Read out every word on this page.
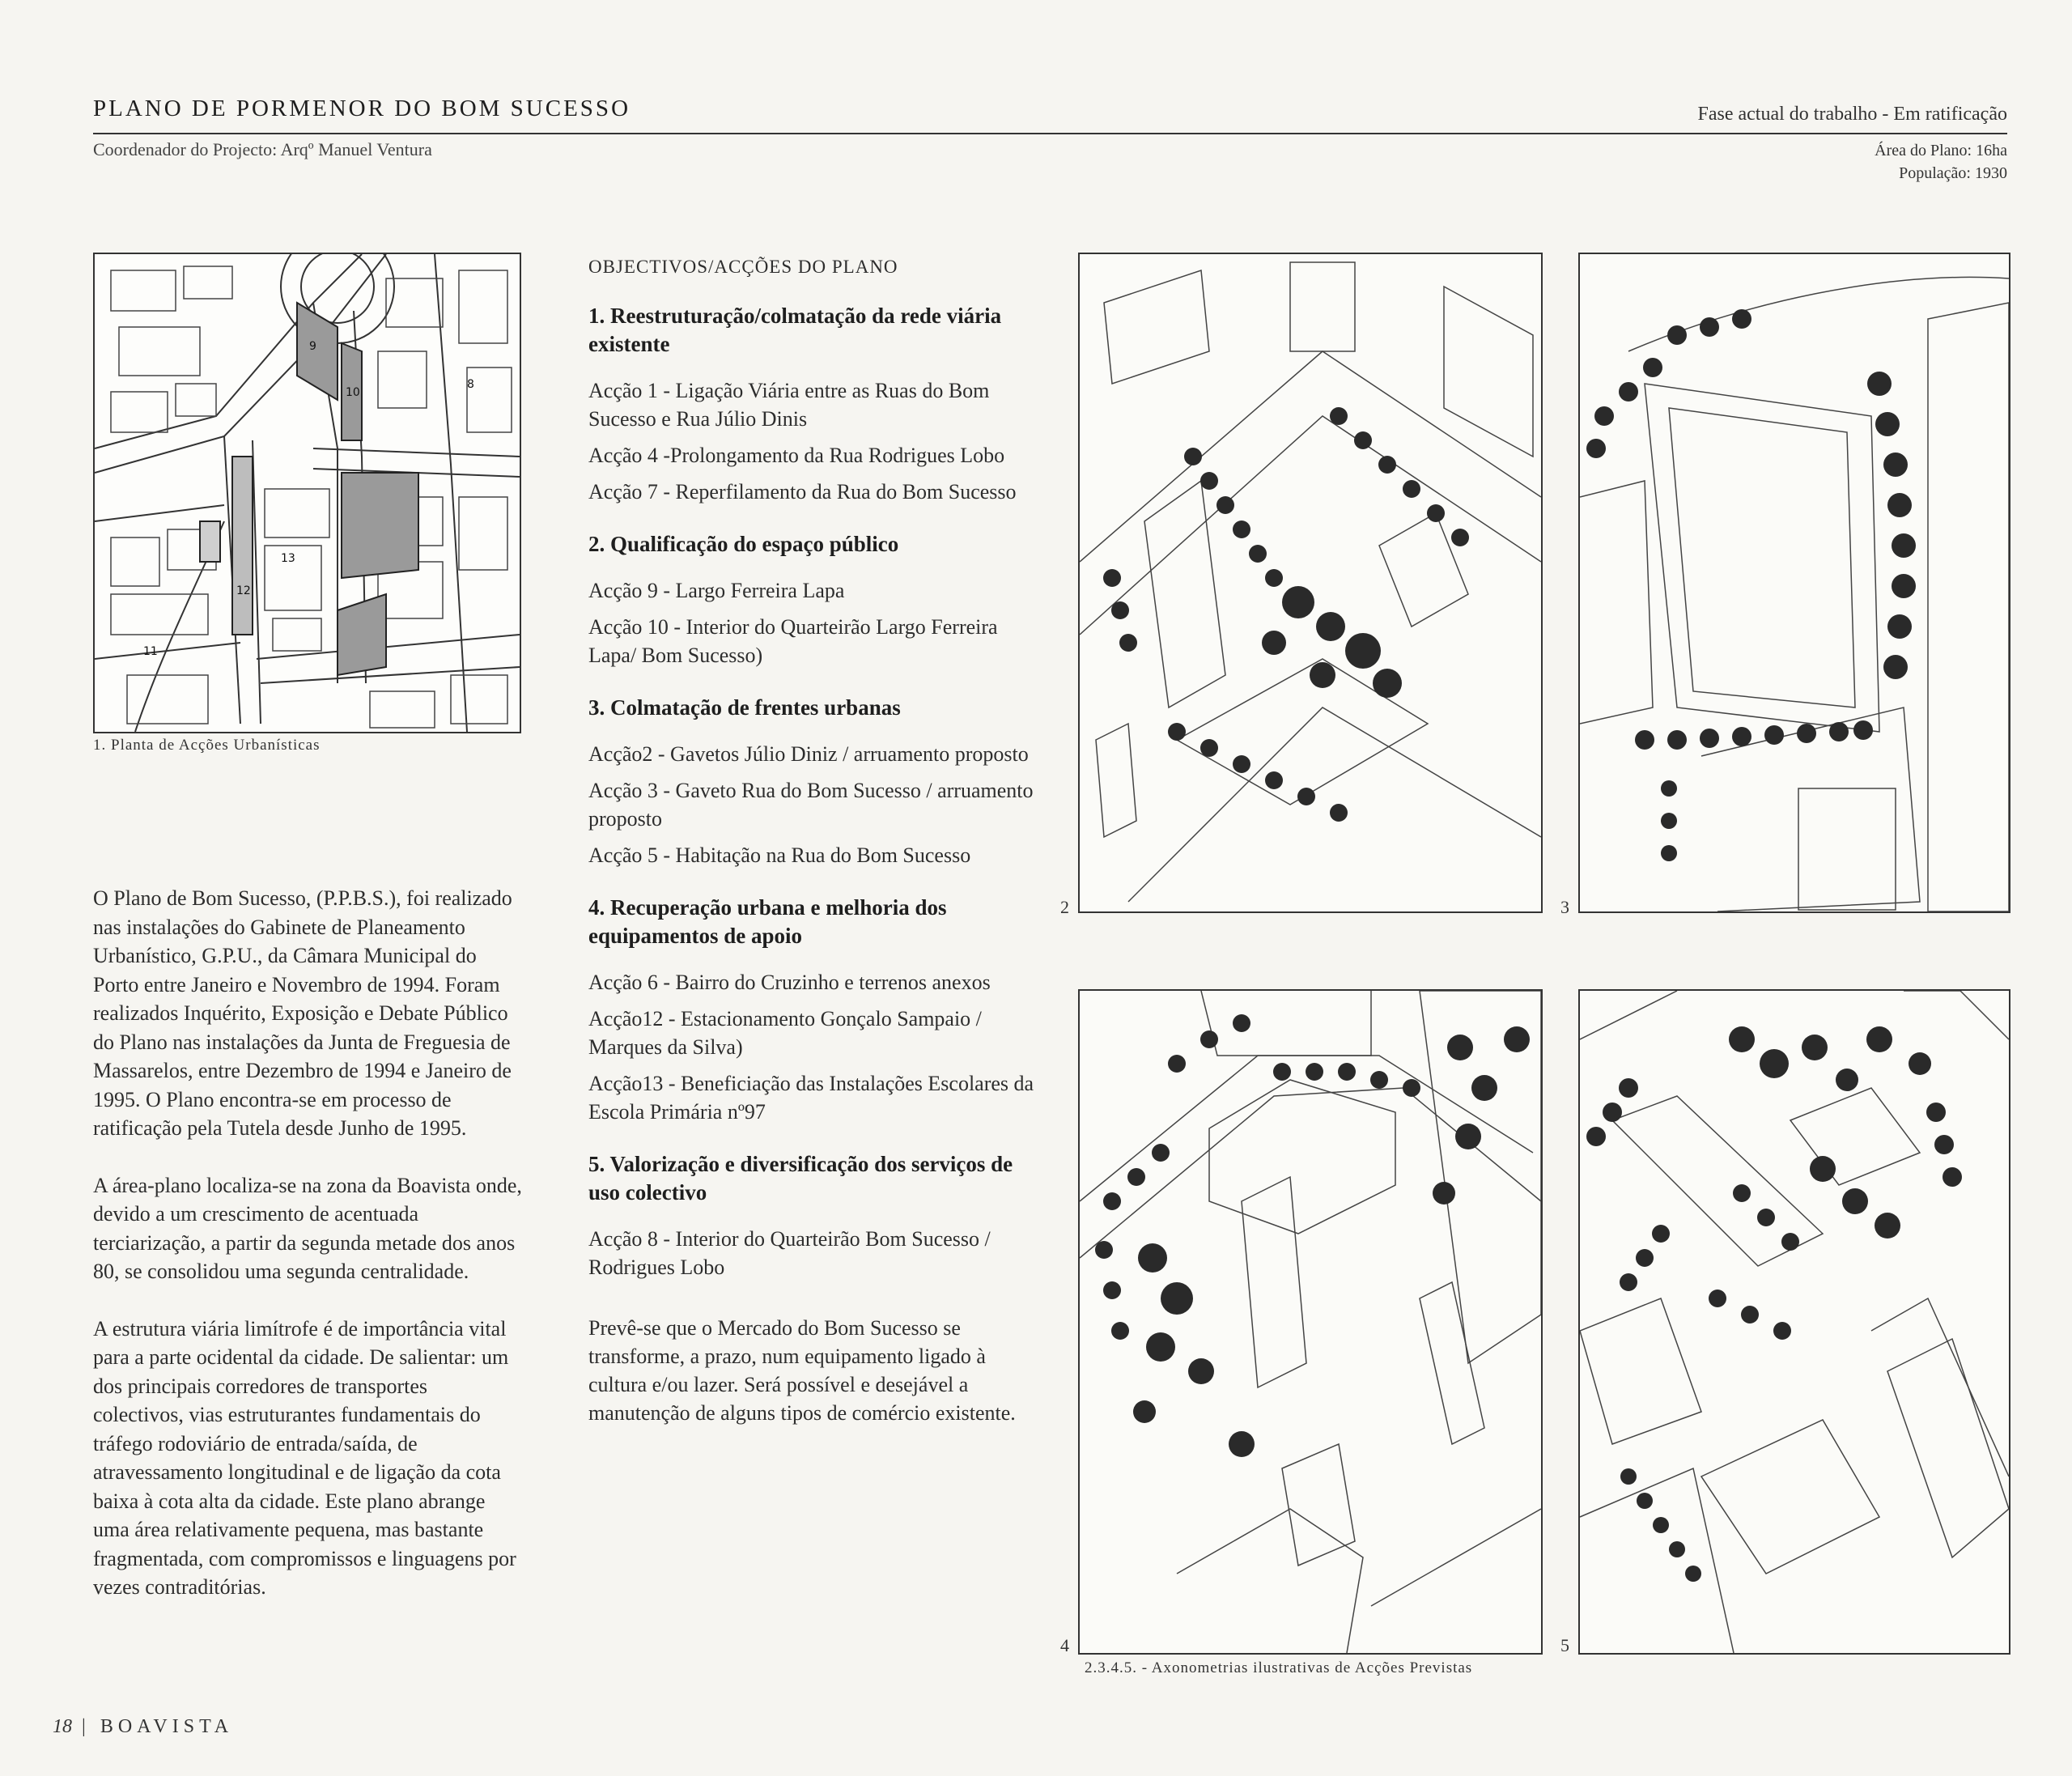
PLANO DE PORMENOR DO BOM SUCESSO
Coordenador do Projecto: Arqº Manuel Ventura
Fase actual do trabalho - Em ratificação
Área do Plano: 16ha
População: 1930
9
10
13
12
11
8
1. Planta de Acções Urbanísticas

O Plano de Bom Sucesso, (P.P.B.S.), foi realizado nas instalações do Gabinete de Planeamento Urbanístico, G.P.U., da Câmara Municipal do Porto entre Janeiro e Novembro de 1994. Foram realizados Inquérito, Exposição e Debate Público do Plano nas instalações da Junta de Freguesia de Massarelos, entre Dezembro de 1994 e Janeiro de 1995. O Plano encontra-se em processo de ratificação pela Tutela desde Junho de 1995.

A área-plano localiza-se na zona da Boavista onde, devido a um crescimento de acentuada terciarização, a partir da segunda metade dos anos 80, se consolidou uma segunda centralidade.

A estrutura viária limítrofe é de importância vital para a parte ocidental da cidade. De salientar: um dos principais corredores de transportes colectivos, vias estruturantes fundamentais do tráfego rodoviário de entrada/saída, de atravessamento longitudinal e de ligação da cota baixa à cota alta da cidade. Este plano abrange uma área relativamente pequena, mas bastante fragmentada, com compromissos e linguagens por vezes contraditórias.

OBJECTIVOS/ACÇÕES DO PLANO
1. Reestruturação/colmatação da rede viária existente
Acção 1 - Ligação Viária entre as Ruas do Bom Sucesso e Rua Júlio Dinis
Acção 4 -Prolongamento da Rua Rodrigues Lobo
Acção 7 - Reperfilamento da Rua do Bom Sucesso
2. Qualificação do espaço público
Acção 9 - Largo Ferreira Lapa
Acção 10 - Interior do Quarteirão Largo Ferreira Lapa/ Bom Sucesso)
3. Colmatação de frentes urbanas
Acção2 - Gavetos Júlio Diniz / arruamento proposto
Acção 3 - Gaveto Rua do Bom Sucesso / arruamento proposto
Acção 5 - Habitação na Rua do Bom Sucesso
4. Recuperação urbana e melhoria dos equipamentos de apoio
Acção 6 - Bairro do Cruzinho e terrenos anexos
Acção12 - Estacionamento Gonçalo Sampaio / Marques da Silva)
Acção13 - Beneficiação das Instalações Escolares da Escola Primária nº97
5. Valorização e diversificação dos serviços de uso colectivo
Acção 8 - Interior do Quarteirão Bom Sucesso / Rodrigues Lobo
Prevê-se que o Mercado do Bom Sucesso se transforme, a prazo, num equipamento ligado à cultura e/ou lazer. Será possível e desejável a manutenção de alguns tipos de comércio existente.
2	3
4	5
2.3.4.5. - Axonometrias ilustrativas de Acções Previstas
18 | BOAVISTA
